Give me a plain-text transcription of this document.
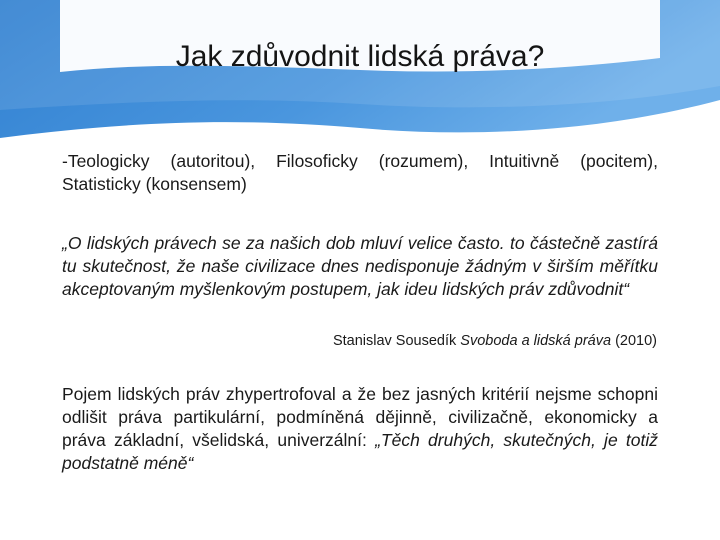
Jak zdůvodnit lidská práva?
-Teologicky (autoritou), Filosoficky (rozumem), Intuitivně (pocitem), Statisticky (konsensem)
„O lidských právech se za našich dob mluví velice často. to částečně zastírá tu skutečnost, že naše civilizace dnes nedisponuje žádným v širším měřítku akceptovaným myšlenkovým postupem, jak ideu lidských práv zdůvodnit“
Stanislav Sousedík Svoboda a lidská práva (2010)
Pojem lidských práv zhypertrofoval a že bez jasných kritérií nejsme schopni odlišit práva partikulární, podmíněná dějinně, civilizačně, ekonomicky a práva základní, všelidská, univerzální: „Těch druhých, skutečných, je totiž podstatně méně“
